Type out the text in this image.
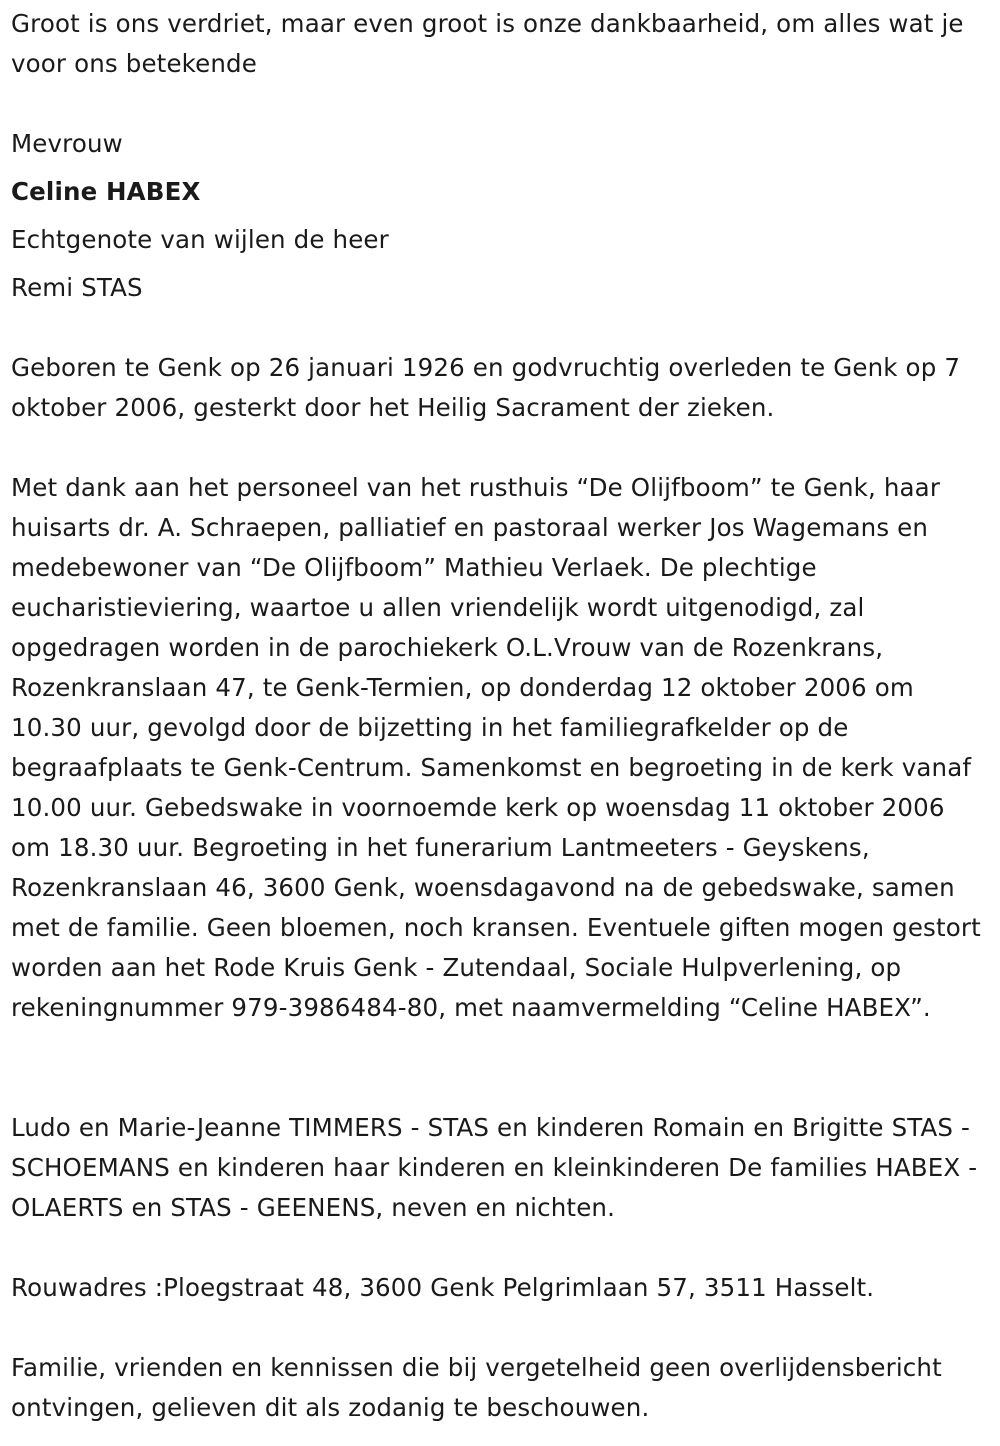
Groot is ons verdriet, maar even groot is onze dankbaarheid, om alles wat je voor ons betekende

Mevrouw
Celine HABEX
Echtgenote van wijlen de heer
Remi STAS

Geboren te Genk op 26 januari 1926 en godvruchtig overleden te Genk op 7 oktober 2006, gesterkt door het Heilig Sacrament der zieken.

Met dank aan het personeel van het rusthuis “De Olijfboom” te Genk, haar huisarts dr. A. Schraepen, palliatief en pastoraal werker Jos Wagemans en medebewoner van “De Olijfboom” Mathieu Verlaek. De plechtige eucharistieviering, waartoe u allen vriendelijk wordt uitgenodigd, zal opgedragen worden in de parochiekerk O.L.Vrouw van de Rozenkrans, Rozenkranslaan 47, te Genk-Termien, op donderdag 12 oktober 2006 om 10.30 uur, gevolgd door de bijzetting in het familiegrafkelder op de begraafplaats te Genk-Centrum. Samenkomst en begroeting in de kerk vanaf 10.00 uur. Gebedswake in voornoemde kerk op woensdag 11 oktober 2006 om 18.30 uur. Begroeting in het funerarium Lantmeeters - Geyskens, Rozenkranslaan 46, 3600 Genk, woensdagavond na de gebedswake, samen met de familie. Geen bloemen, noch kransen. Eventuele giften mogen gestort worden aan het Rode Kruis Genk - Zutendaal, Sociale Hulpverlening, op rekeningnummer 979-3986484-80, met naamvermelding “Celine HABEX”.

Ludo en Marie-Jeanne TIMMERS - STAS en kinderen Romain en Brigitte STAS - SCHOEMANS en kinderen haar kinderen en kleinkinderen De families HABEX - OLAERTS en STAS - GEENENS, neven en nichten.

Rouwadres :Ploegstraat 48, 3600 Genk Pelgrimlaan 57, 3511 Hasselt.

Familie, vrienden en kennissen die bij vergetelheid geen overlijdensbericht ontvingen, gelieven dit als zodanig te beschouwen.
